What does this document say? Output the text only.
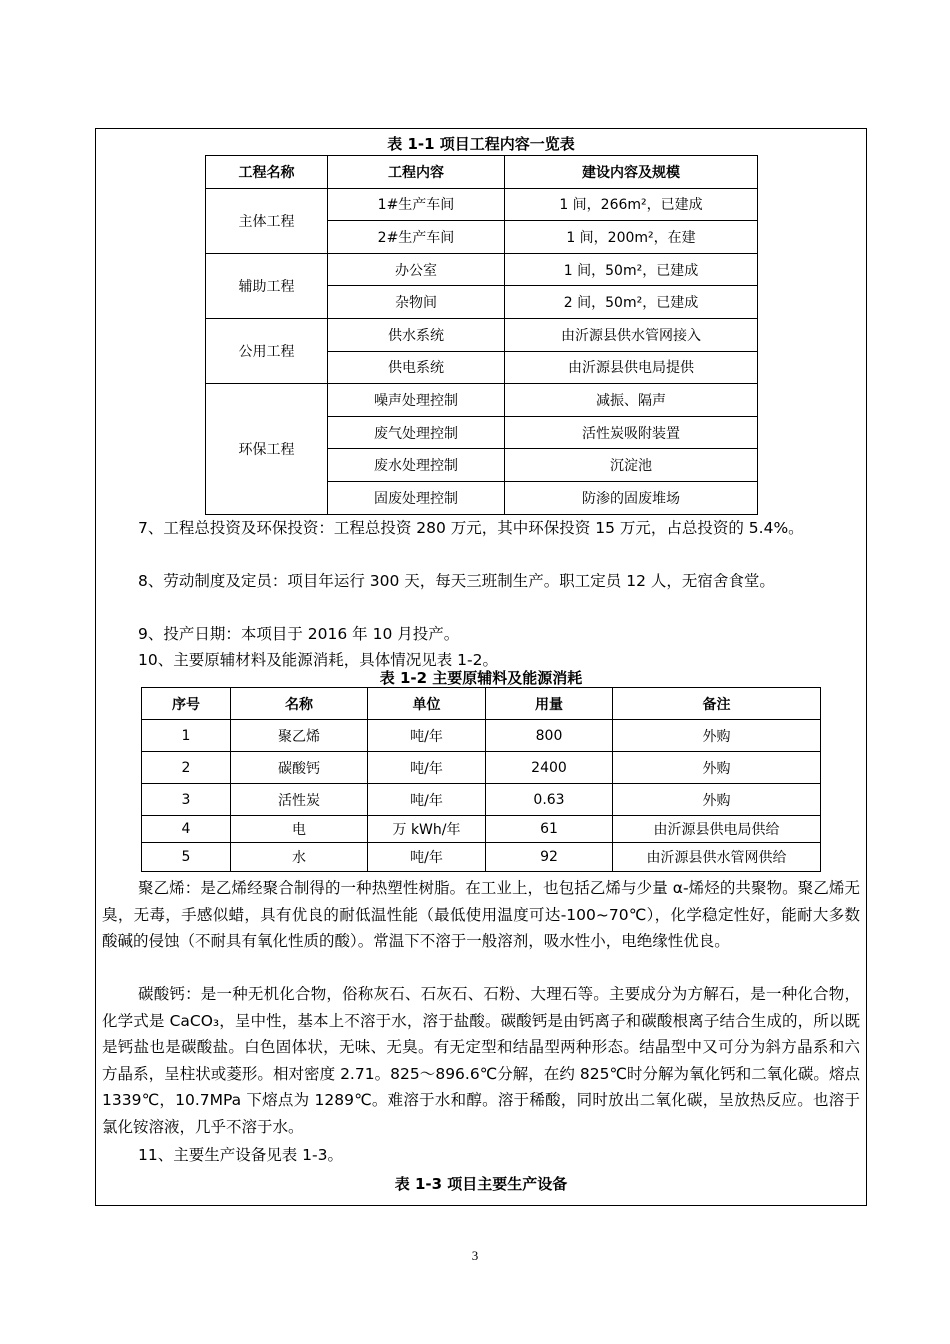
表 1-1 项目工程内容一览表
工程名称	工程内容	建设内容及规模
主体工程	1#生产车间	1 间，266m²，已建成
	2#生产车间	1 间，200m²，在建
辅助工程	办公室	1 间，50m²，已建成
	杂物间	2 间，50m²，已建成
公用工程	供水系统	由沂源县供水管网接入
	供电系统	由沂源县供电局提供
环保工程	噪声处理控制	减振、隔声
	废气处理控制	活性炭吸附装置
	废水处理控制	沉淀池
	固废处理控制	防渗的固废堆场
7、工程总投资及环保投资：工程总投资 280 万元，其中环保投资 15 万元，占总投资的 5.4%。
8、劳动制度及定员：项目年运行 300 天，每天三班制生产。职工定员 12 人，无宿舍食堂。
9、投产日期：本项目于 2016 年 10 月投产。
10、主要原辅材料及能源消耗，具体情况见表 1-2。
表 1-2 主要原辅料及能源消耗
序号	名称	单位	用量	备注
1	聚乙烯	吨/年	800	外购
2	碳酸钙	吨/年	2400	外购
3	活性炭	吨/年	0.63	外购
4	电	万 kWh/年	61	由沂源县供电局供给
5	水	吨/年	92	由沂源县供水管网供给
聚乙烯：是乙烯经聚合制得的一种热塑性树脂。在工业上，也包括乙烯与少量 α-烯烃的共聚物。聚乙烯无臭，无毒，手感似蜡，具有优良的耐低温性能（最低使用温度可达-100~70℃），化学稳定性好，能耐大多数酸碱的侵蚀（不耐具有氧化性质的酸）。常温下不溶于一般溶剂，吸水性小，电绝缘性优良。
碳酸钙：是一种无机化合物，俗称灰石、石灰石、石粉、大理石等。主要成分为方解石，是一种化合物，化学式是 CaCO₃，呈中性，基本上不溶于水，溶于盐酸。碳酸钙是由钙离子和碳酸根离子结合生成的，所以既是钙盐也是碳酸盐。白色固体状，无味、无臭。有无定型和结晶型两种形态。结晶型中又可分为斜方晶系和六方晶系，呈柱状或菱形。相对密度 2.71。825～896.6℃分解，在约 825℃时分解为氧化钙和二氧化碳。熔点 1339℃，10.7MPa 下熔点为 1289℃。难溶于水和醇。溶于稀酸，同时放出二氧化碳，呈放热反应。也溶于氯化铵溶液，几乎不溶于水。
11、主要生产设备见表 1-3。
表 1-3 项目主要生产设备
3
